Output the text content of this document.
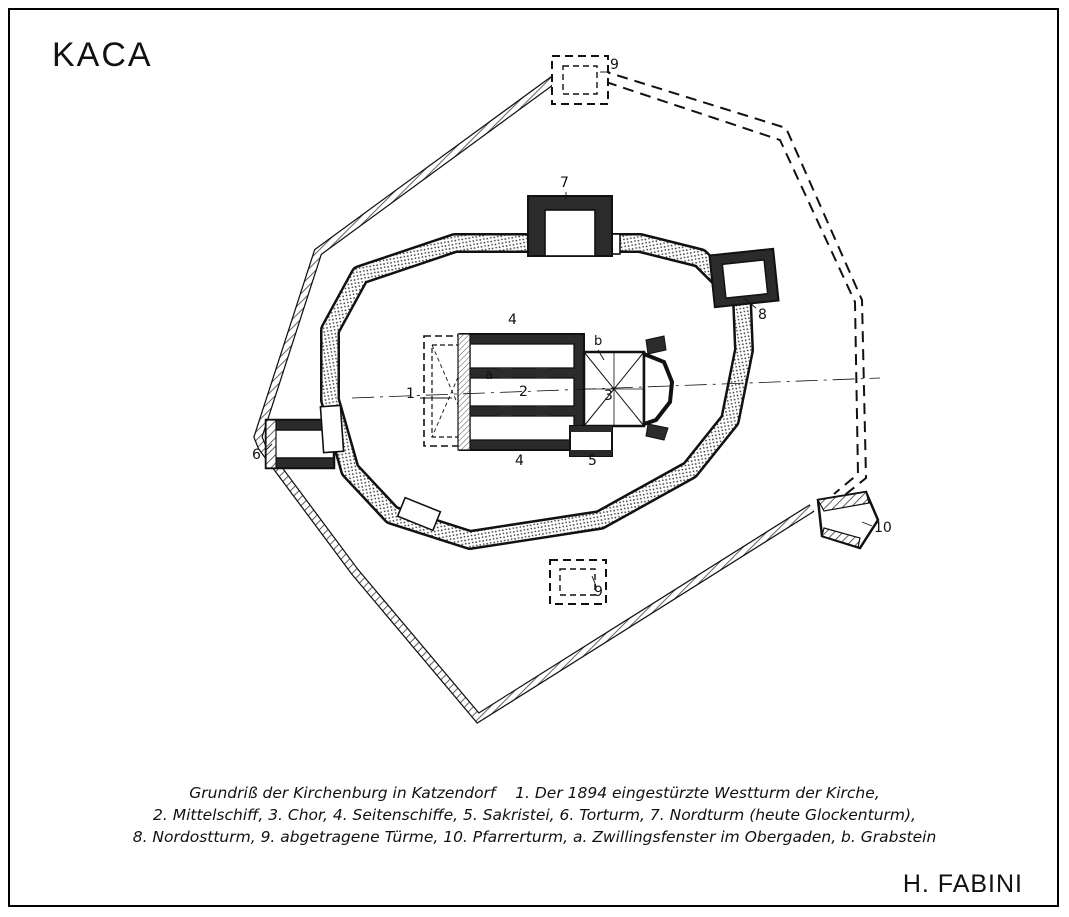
KACA
1	2	3
4
4	5
6
7
8
9
9
10
a
b
Grundriß der Kirchenburg in Katzendorf    1. Der 1894 eingestürzte Westturm der Kirche,
2. Mittelschiff, 3. Chor, 4. Seitenschiffe, 5. Sakristei, 6. Torturm, 7. Nordturm (heute Glockenturm),
8. Nordostturm, 9. abgetragene Türme, 10. Pfarrerturm, a. Zwillingsfenster im Obergaden, b. Grabstein
H. FABINI
